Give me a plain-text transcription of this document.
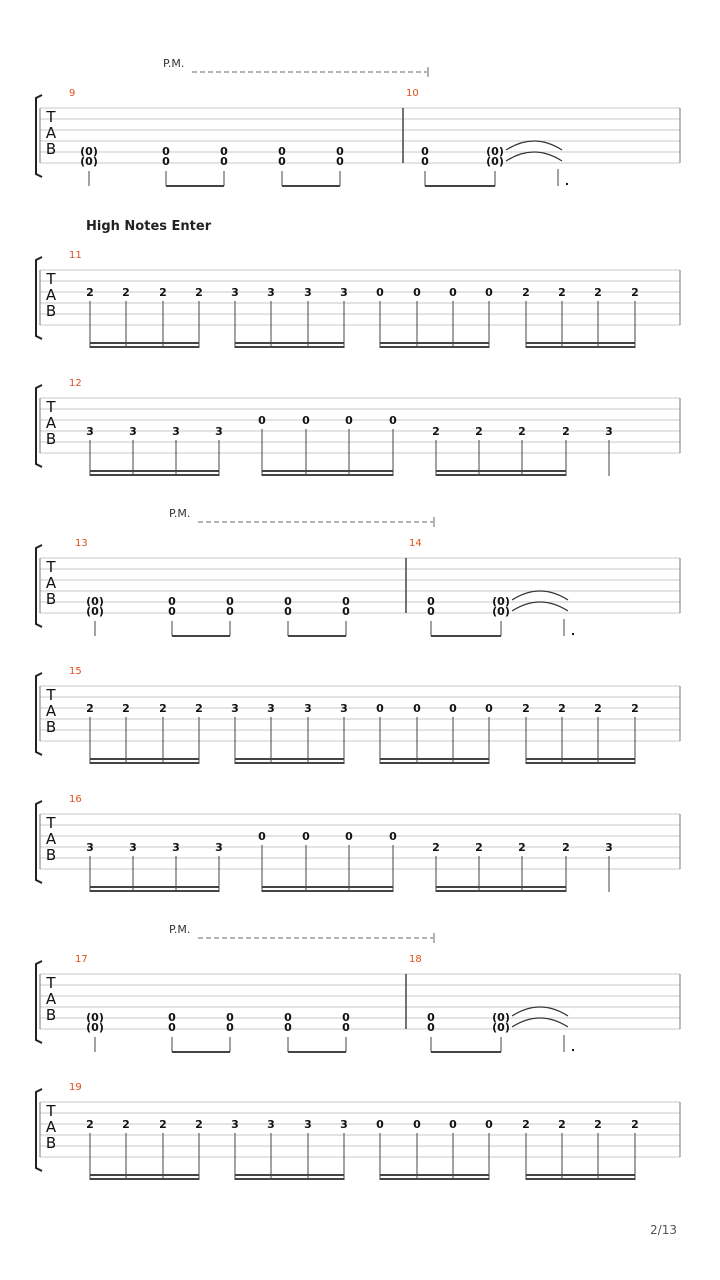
T
A
B
9	10
P.M.
(0)
(0)
0
0
0
0
0
0
0
0
0
0
(0)
(0)
.
T
A
B
11
2	2	2	2	3	3	3	3	0	0	0	0	2	2	2	2
T
A
B
12
3	3	3	3
0	0	0	0
2	2	2	2	3
T
A
B
13	14
P.M.
(0)
(0)
0
0
0
0
0
0
0
0
0
0
(0)
(0)
.
T
A
B
15
2	2	2	2	3	3	3	3	0	0	0	0	2	2	2	2
T
A
B
16
3	3	3	3
0	0	0	0
2	2	2	2	3
T
A
B
17	18
P.M.
(0)
(0)
0
0
0
0
0
0
0
0
0
0
(0)
(0)
.
T
A
B
19
2	2	2	2	3	3	3	3	0	0	0	0	2	2	2	2
High Notes Enter
2/13
